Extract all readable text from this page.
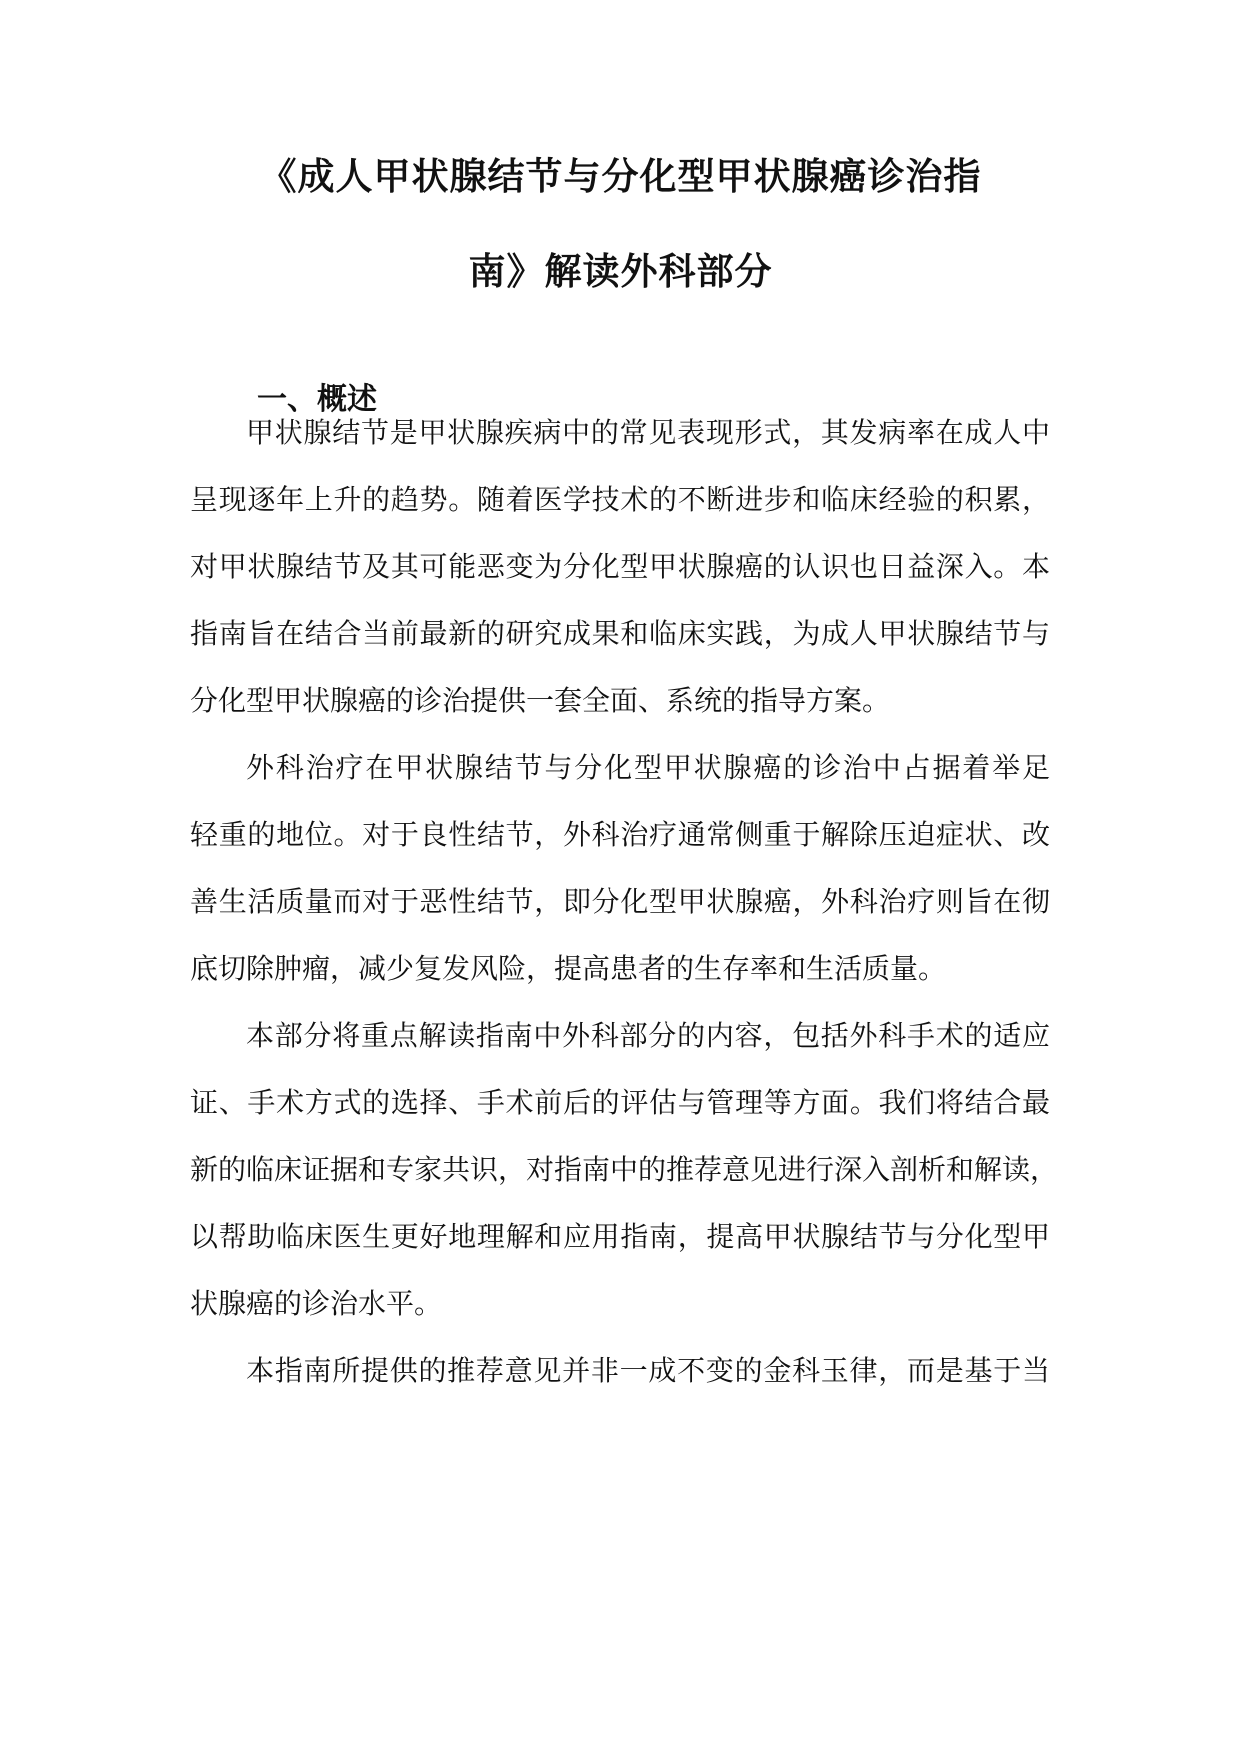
《成人甲状腺结节与分化型甲状腺癌诊治指
南》解读外科部分
一、概述
甲状腺结节是甲状腺疾病中的常见表现形式，其发病率在成人中
呈现逐年上升的趋势。随着医学技术的不断进步和临床经验的积累，
对甲状腺结节及其可能恶变为分化型甲状腺癌的认识也日益深入。本
指南旨在结合当前最新的研究成果和临床实践，为成人甲状腺结节与
分化型甲状腺癌的诊治提供一套全面、系统的指导方案。
外科治疗在甲状腺结节与分化型甲状腺癌的诊治中占据着举足
轻重的地位。对于良性结节，外科治疗通常侧重于解除压迫症状、改
善生活质量而对于恶性结节，即分化型甲状腺癌，外科治疗则旨在彻
底切除肿瘤，减少复发风险，提高患者的生存率和生活质量。
本部分将重点解读指南中外科部分的内容，包括外科手术的适应
证、手术方式的选择、手术前后的评估与管理等方面。我们将结合最
新的临床证据和专家共识，对指南中的推荐意见进行深入剖析和解读，
以帮助临床医生更好地理解和应用指南，提高甲状腺结节与分化型甲
状腺癌的诊治水平。
本指南所提供的推荐意见并非一成不变的金科玉律，而是基于当
